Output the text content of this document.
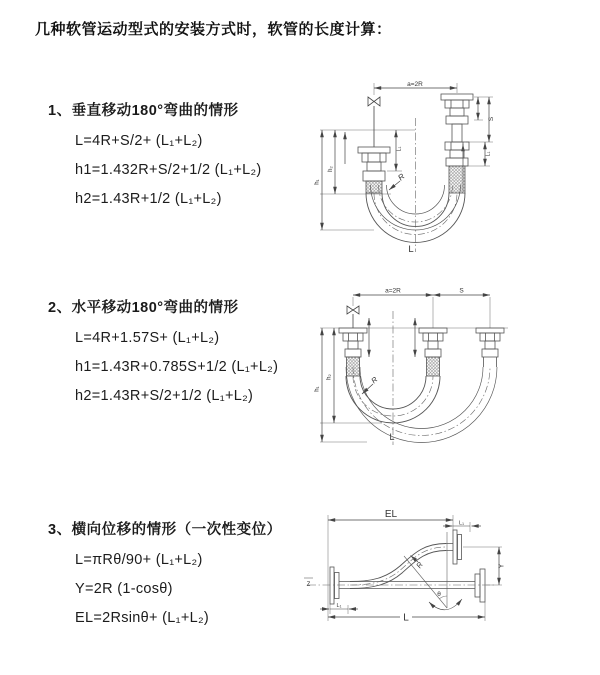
几种软管运动型式的安装方式时，软管的长度计算：
1、垂直移动180°弯曲的情形
L=4R+S/2+ (L₁+L₂)
h1=1.432R+S/2+1/2 (L₁+L₂)
h2=1.43R+1/2 (L₁+L₂)
2、水平移动180°弯曲的情形
L=4R+1.57S+ (L₁+L₂)
h1=1.43R+0.785S+1/2 (L₁+L₂)
h2=1.43R+S/2+1/2 (L₁+L₂)
3、横向位移的情形（一次性变位）
L=πRθ/90+ (L₁+L₂)
Y=2R (1-cosθ)
EL=2Rsinθ+ (L₁+L₂)
a=2R
h₁
h₂
L₁
S
L₁
R
L
a=2R	S
h₁
h₂	R
L
EL
L₁
L₁
Y
R
θ
L
Z
